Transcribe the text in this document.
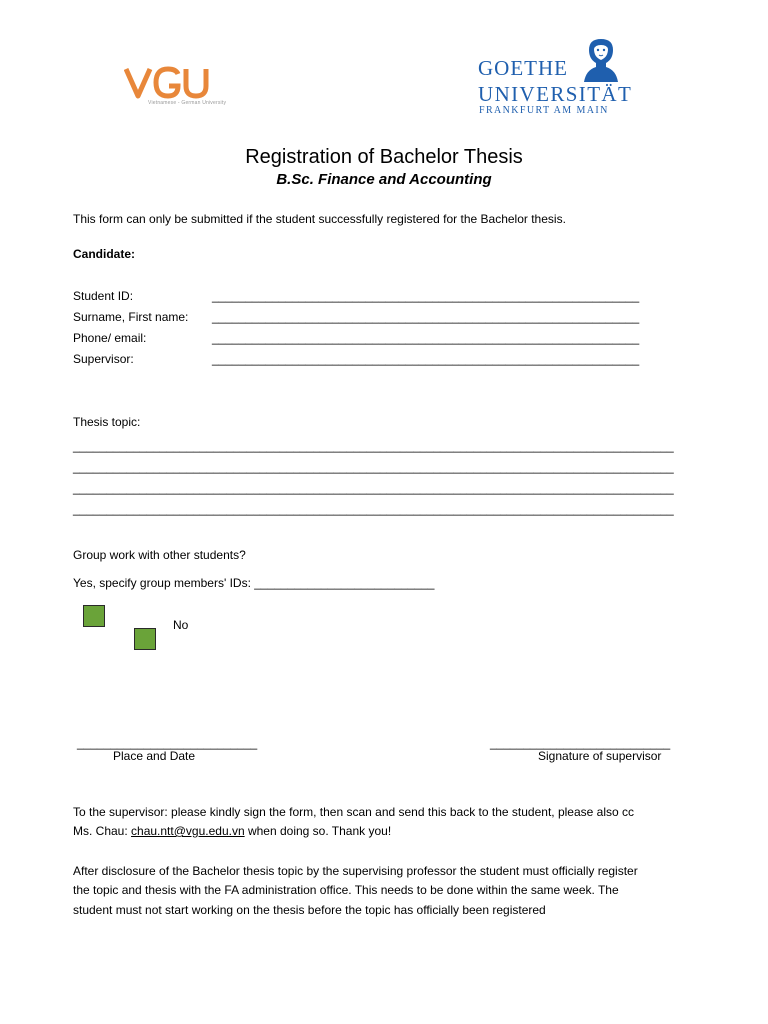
Vietnamese - German University
GOETHE
UNIVERSITÄT
FRANKFURT AM MAIN
Registration of Bachelor Thesis
B.Sc. Finance and Accounting
This form can only be submitted if the student successfully registered for the Bachelor thesis.
Candidate:
Student ID:	________________________________________________________________
Surname, First name: ________________________________________________________________
Phone/ email:	________________________________________________________________
Supervisor:	________________________________________________________________
Thesis topic:
__________________________________________________________________________________________
__________________________________________________________________________________________
__________________________________________________________________________________________
__________________________________________________________________________________________
Group work with other students?
Yes, specify group members' IDs: ___________________________
No
___________________________
Place and Date
___________________________
Signature of supervisor
To the supervisor: please kindly sign the form, then scan and send this back to the student, please also cc
Ms. Chau: chau.ntt@vgu.edu.vn when doing so. Thank you!
After disclosure of the Bachelor thesis topic by the supervising professor the student must officially register
the topic and thesis with the FA administration office. This needs to be done within the same week. The
student must not start working on the thesis before the topic has officially been registered
